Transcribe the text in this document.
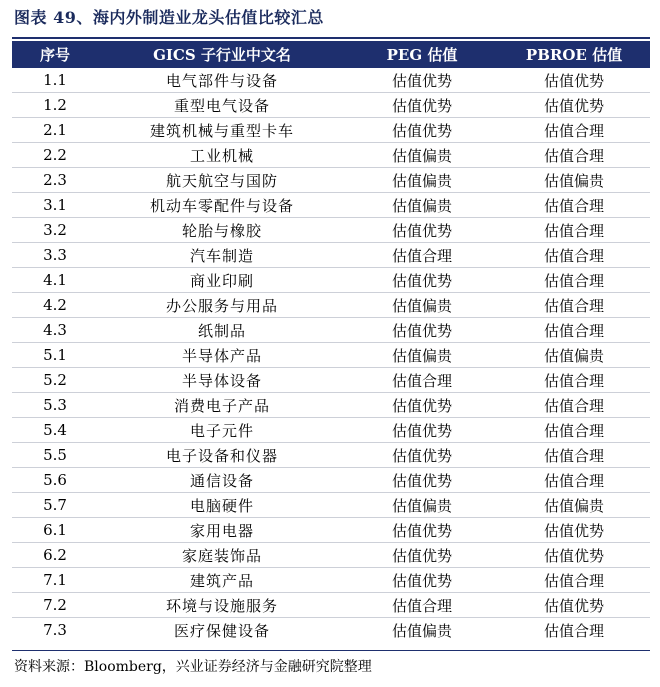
图表 49、海内外制造业龙头估值比较汇总
序号	GICS 子行业中文名	PEG 估值	PBROE 估值
1.1	电气部件与设备	估值优势	估值优势
1.2	重型电气设备	估值优势	估值优势
2.1	建筑机械与重型卡车	估值优势	估值合理
2.2	工业机械	估值偏贵	估值合理
2.3	航天航空与国防	估值偏贵	估值偏贵
3.1	机动车零配件与设备	估值偏贵	估值合理
3.2	轮胎与橡胶	估值优势	估值合理
3.3	汽车制造	估值合理	估值合理
4.1	商业印刷	估值优势	估值合理
4.2	办公服务与用品	估值偏贵	估值合理
4.3	纸制品	估值优势	估值合理
5.1	半导体产品	估值偏贵	估值偏贵
5.2	半导体设备	估值合理	估值合理
5.3	消费电子产品	估值优势	估值合理
5.4	电子元件	估值优势	估值合理
5.5	电子设备和仪器	估值优势	估值合理
5.6	通信设备	估值优势	估值合理
5.7	电脑硬件	估值偏贵	估值偏贵
6.1	家用电器	估值优势	估值优势
6.2	家庭装饰品	估值优势	估值优势
7.1	建筑产品	估值优势	估值合理
7.2	环境与设施服务	估值合理	估值优势
7.3	医疗保健设备	估值偏贵	估值合理
资料来源：Bloomberg，兴业证券经济与金融研究院整理
